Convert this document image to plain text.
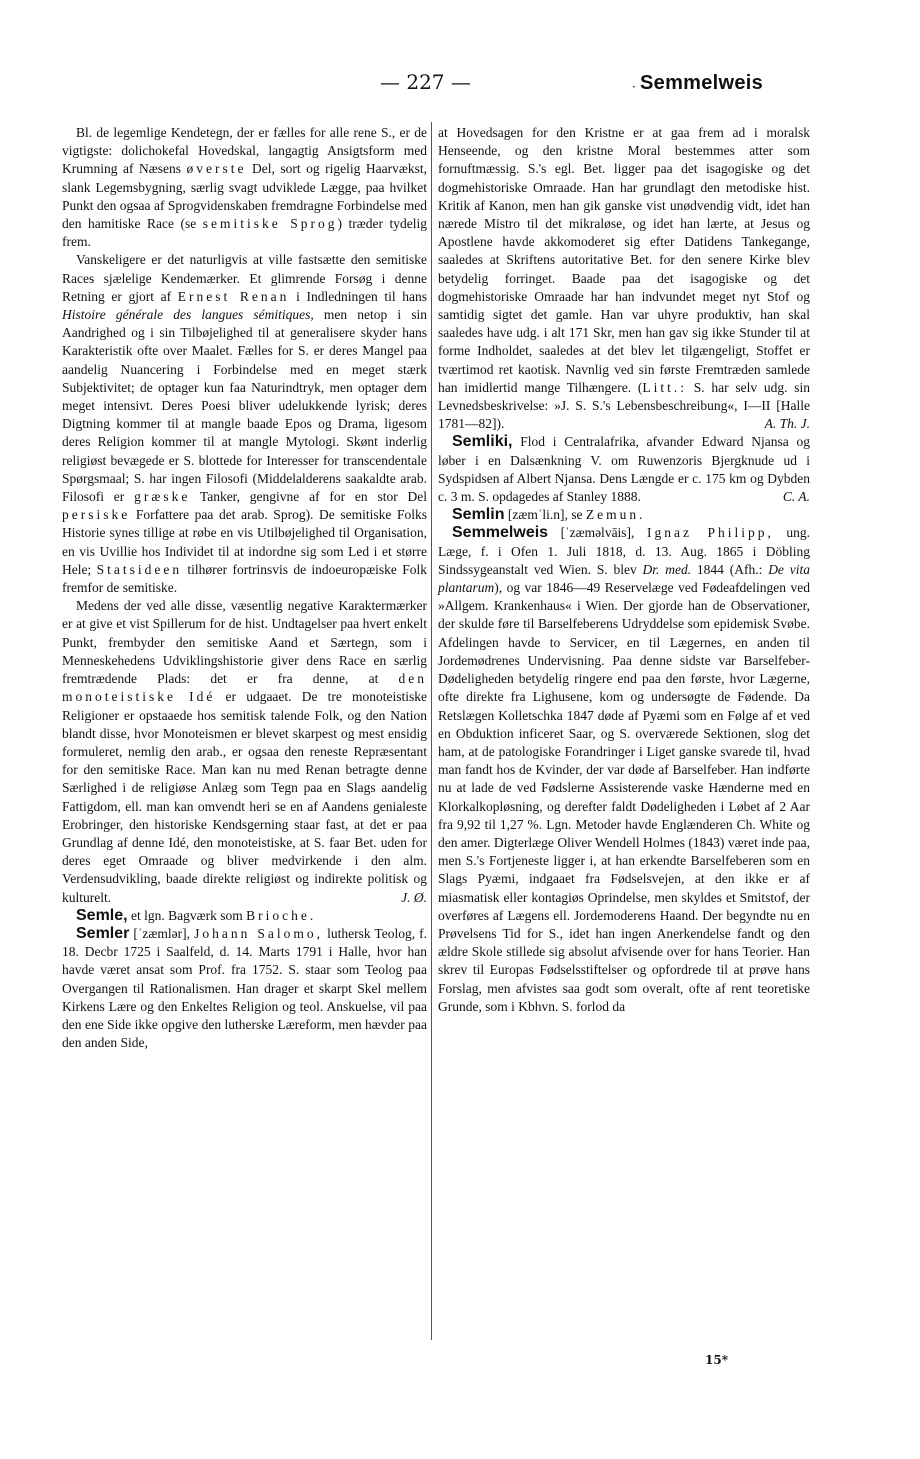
— 227 —	· Semmelweis

Bl. de legemlige Kendetegn, der er fælles for alle rene S., er de vigtigste: dolichokefal Hovedskal, langagtig Ansigtsform med Krumning af Næsens øverste Del, sort og rigelig Haarvækst, slank Legemsbygning, særlig svagt udviklede Lægge, paa hvilket Punkt den ogsaa af Sprogvidenskaben fremdragne Forbindelse med den hamitiske Race (se semitiske Sprog) træder tydelig frem.

Vanskeligere er det naturligvis at ville fastsætte den semitiske Races sjælelige Kendemærker. Et glimrende Forsøg i denne Retning er gjort af Ernest Renan i Indledningen til hans Histoire générale des langues sémitiques, men netop i sin Aandrighed og i sin Tilbøjelighed til at generalisere skyder hans Karakteristik ofte over Maalet. Fælles for S. er deres Mangel paa aandelig Nuancering i Forbindelse med en meget stærk Subjektivitet; de optager kun faa Naturindtryk, men optager dem meget intensivt. Deres Poesi bliver udelukkende lyrisk; deres Digtning kommer til at mangle baade Epos og Drama, ligesom deres Religion kommer til at mangle Mytologi. Skønt inderlig religiøst bevægede er S. blottede for Interesser for transcendentale Spørgsmaal; S. har ingen Filosofi (Middelalderens saakaldte arab. Filosofi er græske Tanker, gengivne af for en stor Del persiske Forfattere paa det arab. Sprog). De semitiske Folks Historie synes tillige at røbe en vis Utilbøjelighed til Organisation, en vis Uvillie hos Individet til at indordne sig som Led i et større Hele; Statsideen tilhører fortrinsvis de indoeuropæiske Folk fremfor de semitiske.

Medens der ved alle disse, væsentlig negative Karaktermærker er at give et vist Spillerum for de hist. Undtagelser paa hvert enkelt Punkt, frembyder den semitiske Aand et Særtegn, som i Menneskehedens Udviklingshistorie giver dens Race en særlig fremtrædende Plads: det er fra denne, at den monoteistiske Idé er udgaaet. De tre monoteistiske Religioner er opstaaede hos semitisk talende Folk, og den Nation blandt disse, hvor Monoteismen er blevet skarpest og mest ensidig formuleret, nemlig den arab., er ogsaa den reneste Repræsentant for den semitiske Race. Man kan nu med Renan betragte denne Særlighed i de religiøse Anlæg som Tegn paa en Slags aandelig Fattigdom, ell. man kan omvendt heri se en af Aandens genialeste Erobringer, den historiske Kendsgerning staar fast, at det er paa Grundlag af denne Idé, den monoteistiske, at S. faar Bet. uden for deres eget Omraade og bliver medvirkende i den alm. Verdensudvikling, baade direkte religiøst og indirekte politisk og kulturelt.	J. Ø.

Semle, et lgn. Bagværk som Brioche.

Semler [ˈzæmlər], Johann Salomo, luthersk Teolog, f. 18. Decbr 1725 i Saalfeld, d. 14. Marts 1791 i Halle, hvor han havde været ansat som Prof. fra 1752. S. staar som Teolog paa Overgangen til Rationalismen. Han drager et skarpt Skel mellem Kirkens Lære og den Enkeltes Religion og teol. Anskuelse, vil paa den ene Side ikke opgive den lutherske Læreform, men hævder paa den anden Side,

at Hovedsagen for den Kristne er at gaa frem ad i moralsk Henseende, og den kristne Moral bestemmes atter som fornuftmæssig. S.'s egl. Bet. ligger paa det isagogiske og det dogmehistoriske Omraade. Han har grundlagt den metodiske hist. Kritik af Kanon, men han gik ganske vist unødvendig vidt, idet han nærede Mistro til det mikraløse, og idet han lærte, at Jesus og Apostlene havde akkomoderet sig efter Datidens Tankegange, saaledes at Skriftens autoritative Bet. for den senere Kirke blev betydelig forringet. Baade paa det isagogiske og det dogmehistoriske Omraade har han indvundet meget nyt Stof og samtidig sigtet det gamle. Han var uhyre produktiv, han skal saaledes have udg. i alt 171 Skr, men han gav sig ikke Stunder til at forme Indholdet, saaledes at det blev let tilgængeligt, Stoffet er tværtimod ret kaotisk. Navnlig ved sin første Fremtræden samlede han imidlertid mange Tilhængere. (Litt.: S. har selv udg. sin Levnedsbeskrivelse: »J. S. S.'s Lebensbeschreibung«, I—II [Halle 1781—82]).	A. Th. J.

Semliki, Flod i Centralafrika, afvander Edward Njansa og løber i en Dalsænkning V. om Ruwenzoris Bjergknude ud i Sydspidsen af Albert Njansa. Dens Længde er c. 175 km og Dybden c. 3 m. S. opdagedes af Stanley 1888.	C. A.

Semlin [zæmˈli.n], se Zemun.

Semmelweis [ˈzæməlvāis], Ignaz Philipp, ung. Læge, f. i Ofen 1. Juli 1818, d. 13. Aug. 1865 i Döbling Sindssygeanstalt ved Wien. S. blev Dr. med. 1844 (Afh.: De vita plantarum), og var 1846—49 Reservelæge ved Fødeafdelingen ved »Allgem. Krankenhaus« i Wien. Der gjorde han de Observationer, der skulde føre til Barselfeberens Udryddelse som epidemisk Svøbe. Afdelingen havde to Servicer, en til Lægernes, en anden til Jordemødrenes Undervisning. Paa denne sidste var Barselfeber-Dødeligheden betydelig ringere end paa den første, hvor Lægerne, ofte direkte fra Lighusene, kom og undersøgte de Fødende. Da Retslægen Kolletschka 1847 døde af Pyæmi som en Følge af et ved en Obduktion inficeret Saar, og S. overværede Sektionen, slog det ham, at de patologiske Forandringer i Liget ganske svarede til, hvad man fandt hos de Kvinder, der var døde af Barselfeber. Han indførte nu at lade de ved Fødslerne Assisterende vaske Hænderne med en Klorkalkopløsning, og derefter faldt Dødeligheden i Løbet af 2 Aar fra 9,92 til 1,27 %. Lgn. Metoder havde Englænderen Ch. White og den amer. Digterlæge Oliver Wendell Holmes (1843) været inde paa, men S.'s Fortjeneste ligger i, at han erkendte Barselfeberen som en Slags Pyæmi, indgaaet fra Fødselsvejen, at den ikke er af miasmatisk eller kontagiøs Oprindelse, men skyldes et Smitstof, der overføres af Lægens ell. Jordemoderens Haand. Der begyndte nu en Prøvelsens Tid for S., idet han ingen Anerkendelse fandt og den ældre Skole stillede sig absolut afvisende over for hans Teorier. Han skrev til Europas Fødselsstiftelser og opfordrede til at prøve hans Forslag, men afvistes saa godt som overalt, ofte af rent teoretiske Grunde, som i Kbhvn. S. forlod da

15*
